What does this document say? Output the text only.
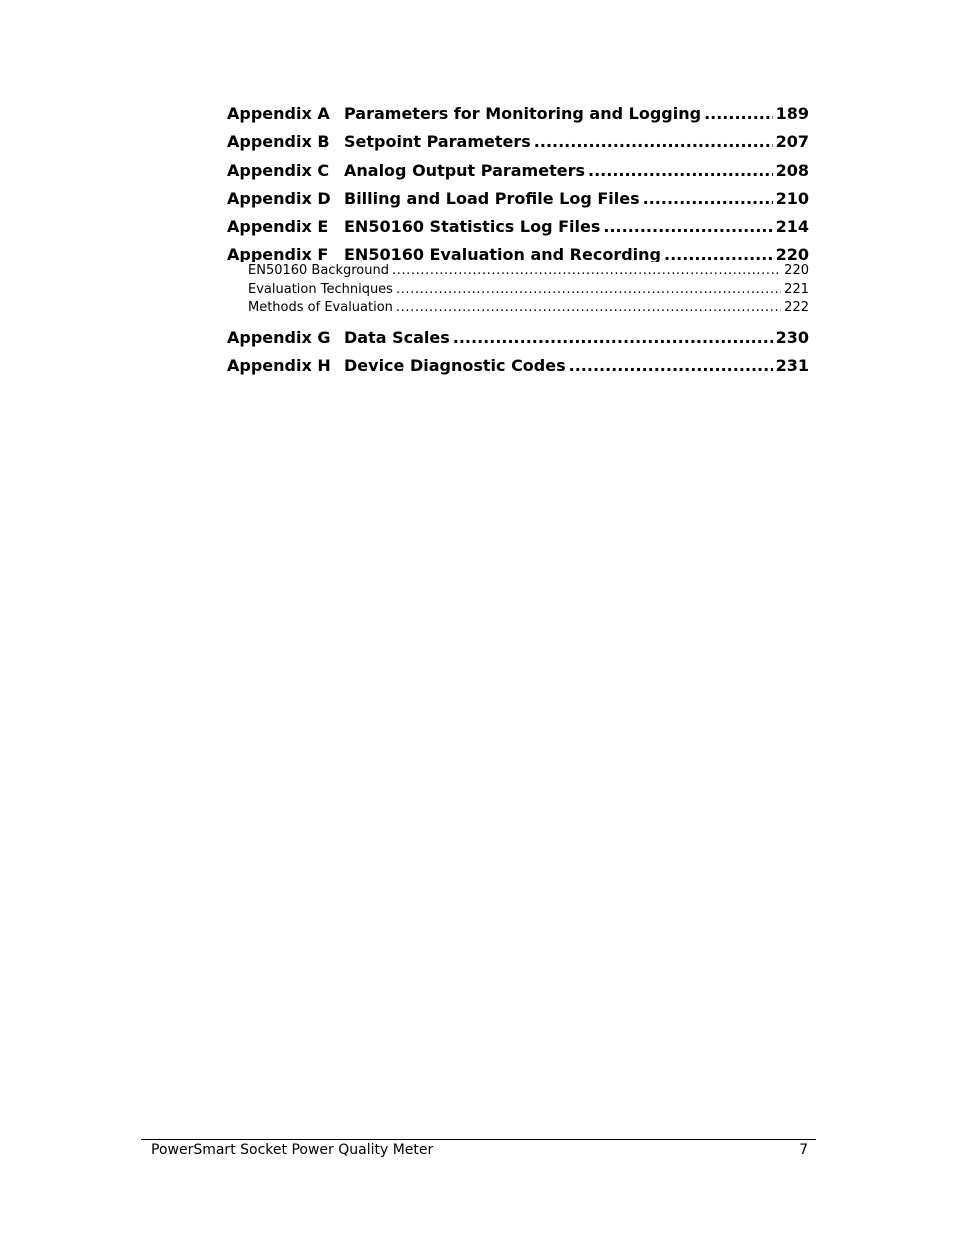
Appendix A Parameters for Monitoring and Logging .....	189
Appendix B Setpoint Parameters .....	207
Appendix C Analog Output Parameters .....	208
Appendix D Billing and Load Profile Log Files .....	210
Appendix E EN50160 Statistics Log Files .....	214
Appendix F EN50160 Evaluation and Recording .....	220
EN50160 Background .....	220
Evaluation Techniques .....	221
Methods of Evaluation .....	222
Appendix G Data Scales .....	230
Appendix H Device Diagnostic Codes .....	231
PowerSmart Socket Power Quality Meter	7
